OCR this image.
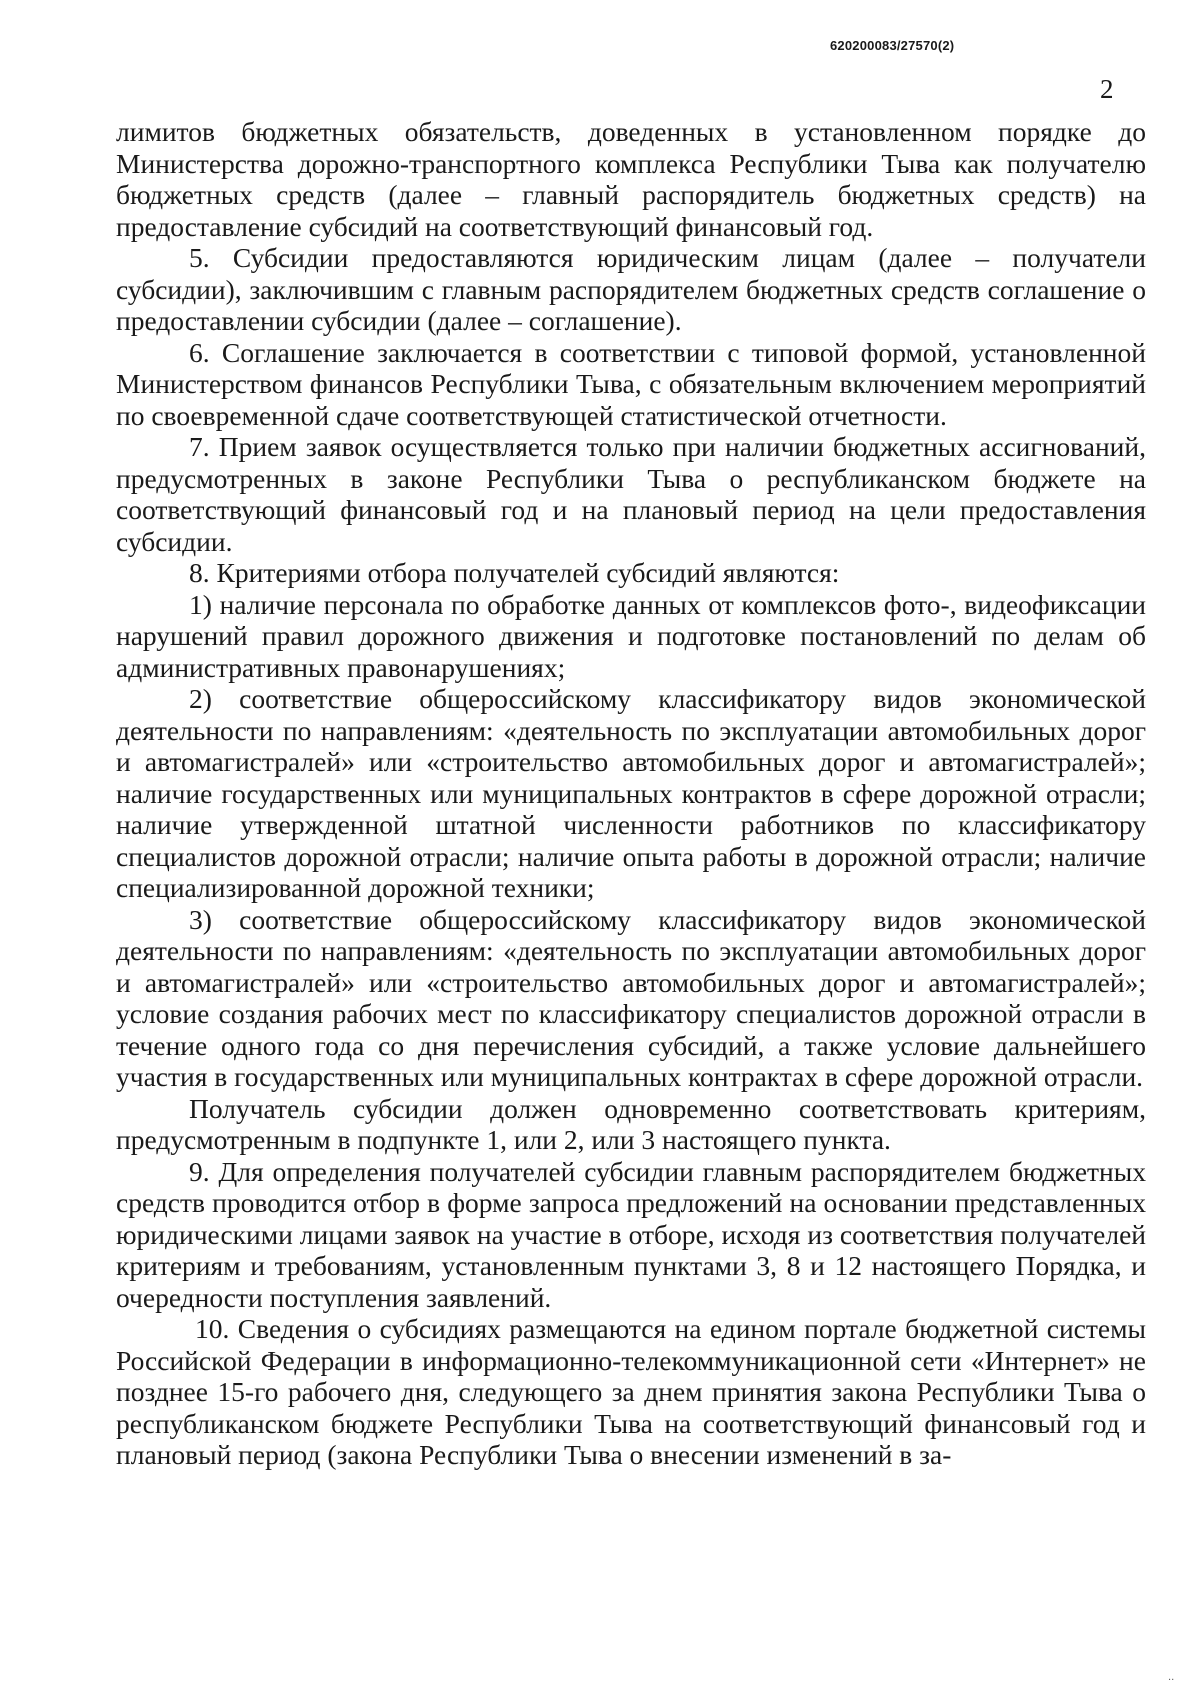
620200083/27570(2)
2

лимитов бюджетных обязательств, доведенных в установленном порядке до Министерства дорожно-транспортного комплекса Республики Тыва как получателю бюджетных средств (далее – главный распорядитель бюджетных средств) на предоставление субсидий на соответствующий финансовый год.

5. Субсидии предоставляются юридическим лицам (далее – получатели субсидии), заключившим с главным распорядителем бюджетных средств соглашение о предоставлении субсидии (далее – соглашение).

6. Соглашение заключается в соответствии с типовой формой, установленной Министерством финансов Республики Тыва, с обязательным включением мероприятий по своевременной сдаче соответствующей статистической отчетности.

7. Прием заявок осуществляется только при наличии бюджетных ассигнований, предусмотренных в законе Республики Тыва о республиканском бюджете на соответствующий финансовый год и на плановый период на цели предоставления субсидии.

8. Критериями отбора получателей субсидий являются:

1) наличие персонала по обработке данных от комплексов фото-, видеофиксации нарушений правил дорожного движения и подготовке постановлений по делам об административных правонарушениях;

2) соответствие общероссийскому классификатору видов экономической деятельности по направлениям: «деятельность по эксплуатации автомобильных дорог и автомагистралей» или «строительство автомобильных дорог и автомагистралей»; наличие государственных или муниципальных контрактов в сфере дорожной отрасли; наличие утвержденной штатной численности работников по классификатору специалистов дорожной отрасли; наличие опыта работы в дорожной отрасли; наличие специализированной дорожной техники;

3) соответствие общероссийскому классификатору видов экономической деятельности по направлениям: «деятельность по эксплуатации автомобильных дорог и автомагистралей» или «строительство автомобильных дорог и автомагистралей»; условие создания рабочих мест по классификатору специалистов дорожной отрасли в течение одного года со дня перечисления субсидий, а также условие дальнейшего участия в государственных или муниципальных контрактах в сфере дорожной отрасли.

Получатель субсидии должен одновременно соответствовать критериям, предусмотренным в подпункте 1, или 2, или 3 настоящего пункта.

9. Для определения получателей субсидии главным распорядителем бюджетных средств проводится отбор в форме запроса предложений на основании представленных юридическими лицами заявок на участие в отборе, исходя из соответствия получателей критериям и требованиям, установленным пунктами 3, 8 и 12 настоящего Порядка, и очередности поступления заявлений.

10. Сведения о субсидиях размещаются на едином портале бюджетной системы Российской Федерации в информационно-телекоммуникационной сети «Интернет» не позднее 15-го рабочего дня, следующего за днем принятия закона Республики Тыва о республиканском бюджете Республики Тыва на соответствующий финансовый год и плановый период (закона Республики Тыва о внесении изменений в за-

..
